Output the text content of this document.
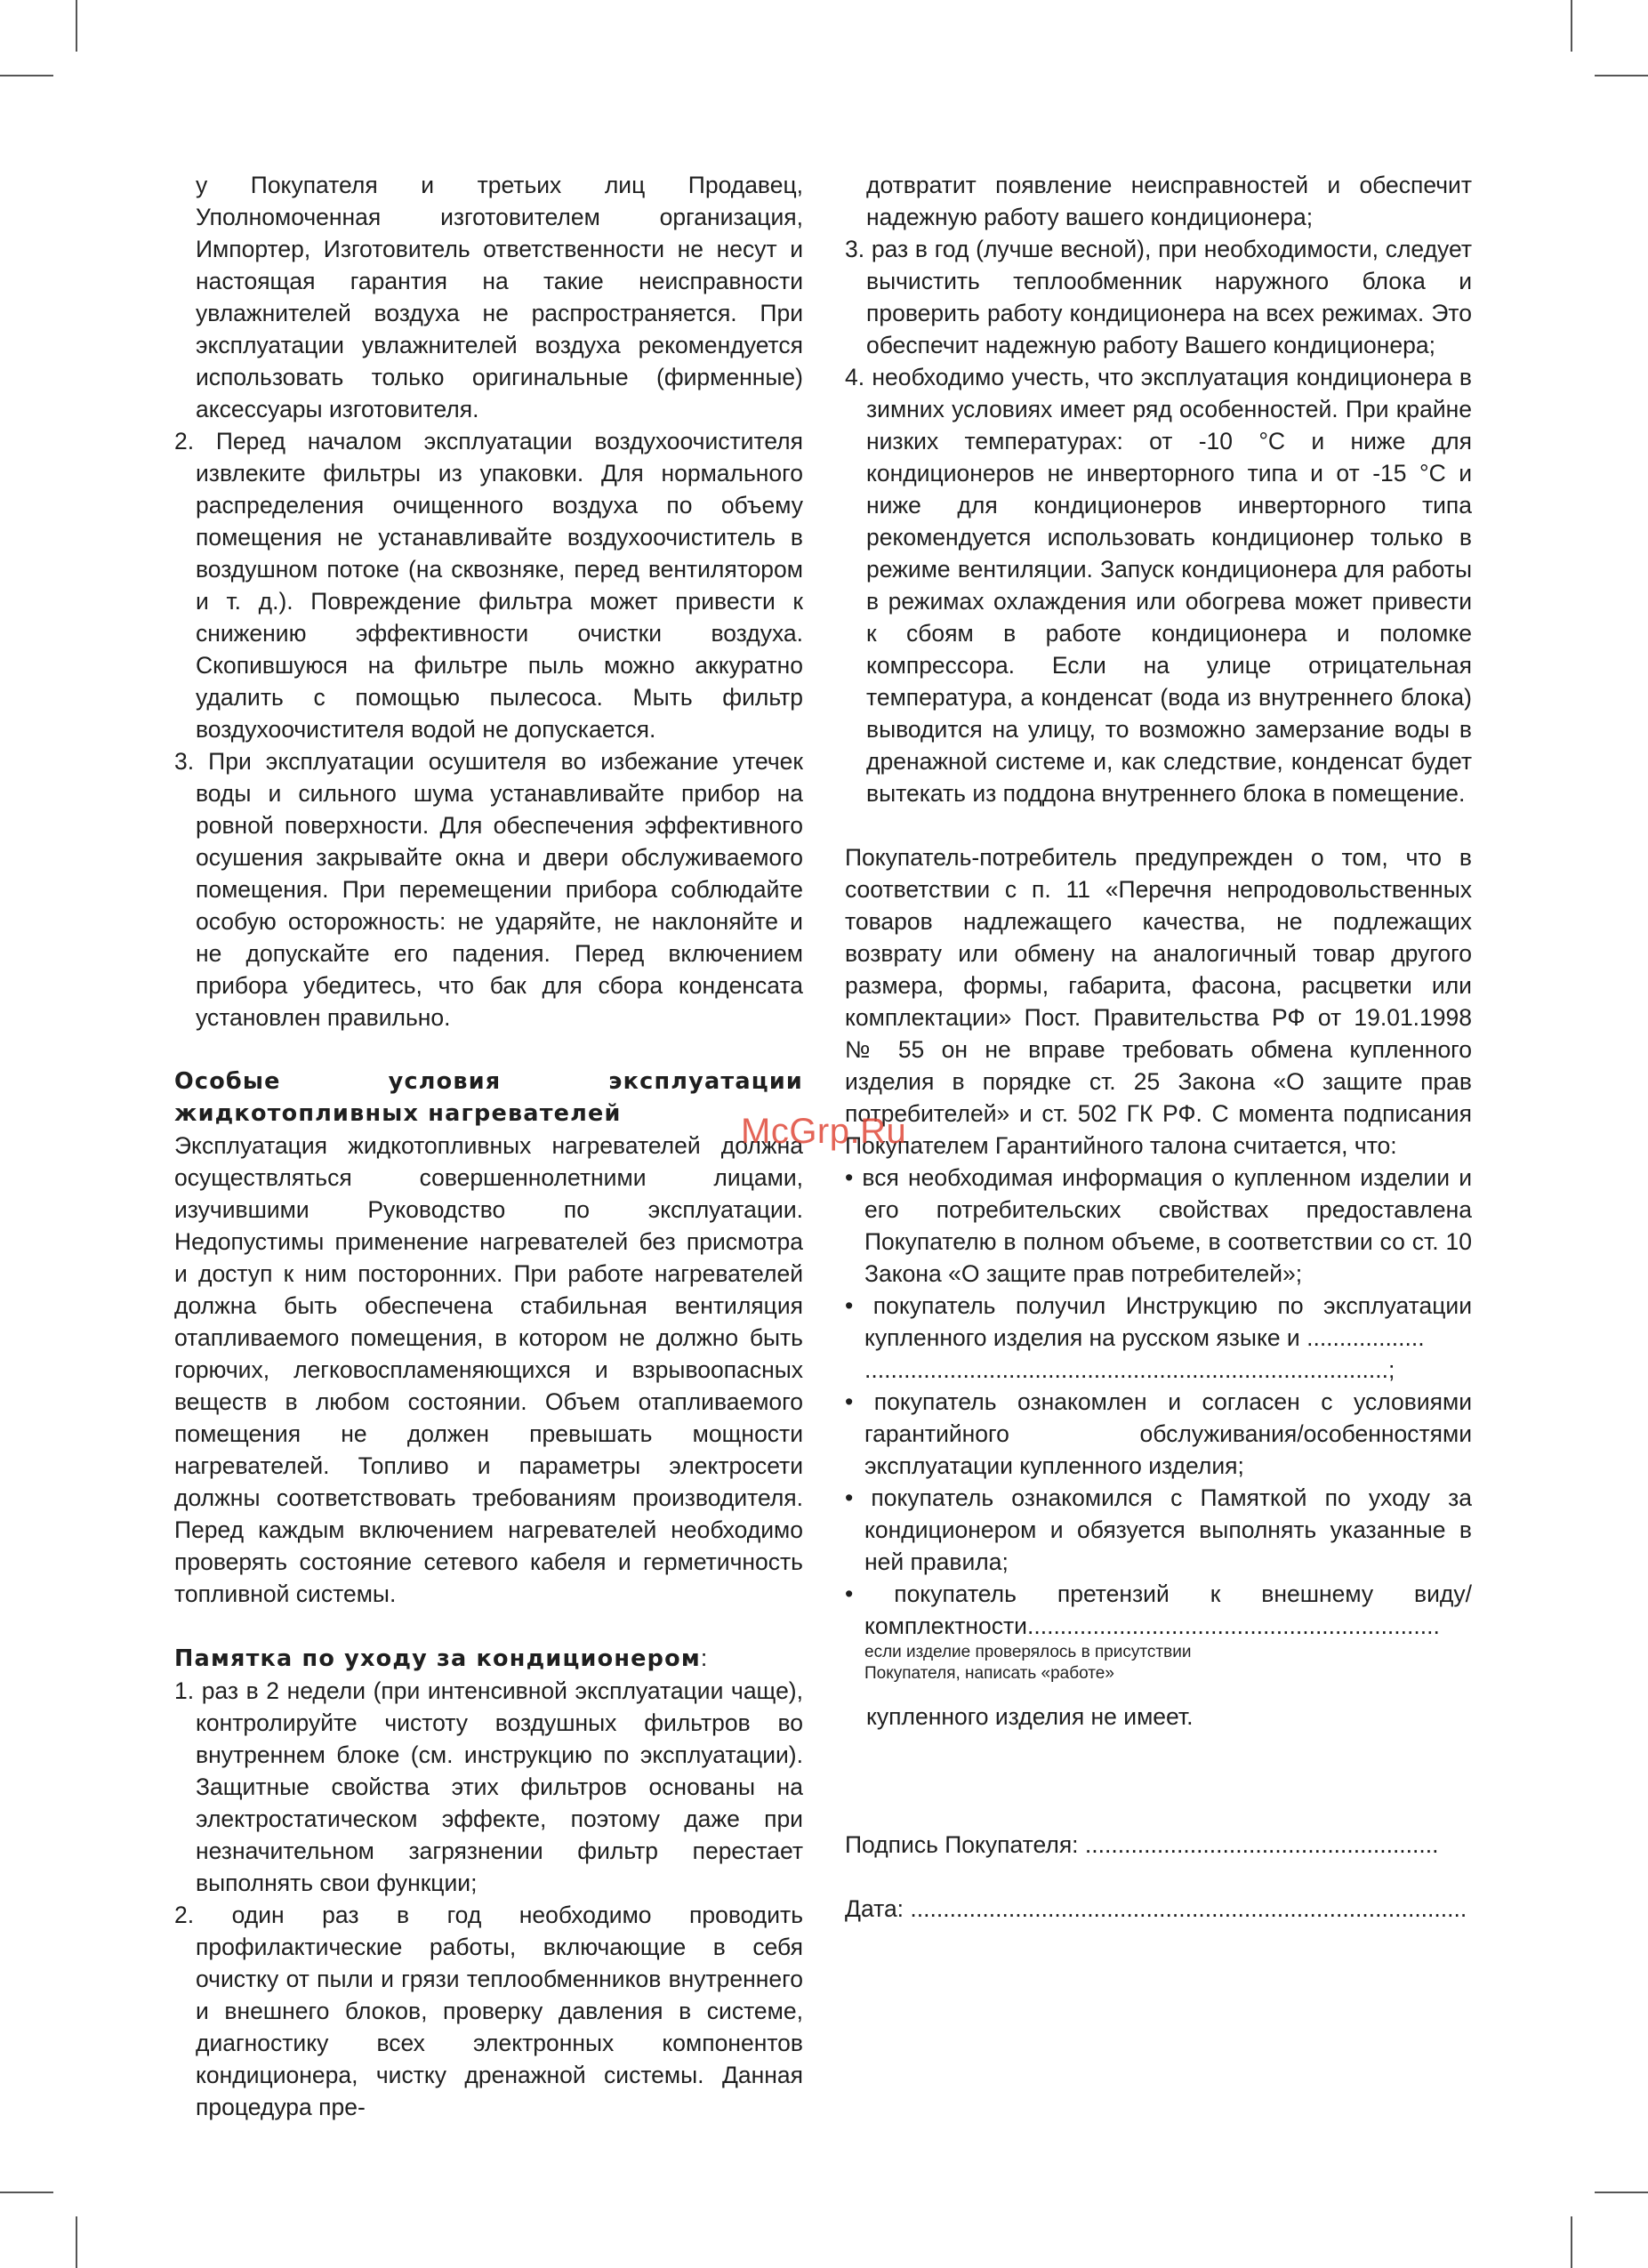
у Покупателя и третьих лиц Продавец, Уполномоченная изготовителем организация, Импортер, Изготовитель ответственности не несут и настоящая гарантия на такие неисправности увлажнителей воздуха не распространяется. При эксплуатации увлажнителей воздуха рекомендуется использовать только оригинальные (фирменные) аксессуары изготовителя.

2. Перед началом эксплуатации воздухоочистителя извлеките фильтры из упаковки. Для нормального распределения очищенного воздуха по объему помещения не устанавливайте воздухоочиститель в воздушном потоке (на сквозняке, перед вентилятором и т. д.). Повреждение фильтра может привести к снижению эффективности очистки воздуха. Скопившуюся на фильтре пыль можно аккуратно удалить с помощью пылесоса. Мыть фильтр воздухоочистителя водой не допускается.

3. При эксплуатации осушителя во избежание утечек воды и сильного шума устанавливайте прибор на ровной поверхности. Для обеспечения эффективного осушения закрывайте окна и двери обслуживаемого помещения. При перемещении прибора соблюдайте особую осторожность: не ударяйте, не наклоняйте и не допускайте его падения. Перед включением прибора убедитесь, что бак для сбора конденсата установлен правильно.

Особые условия эксплуатации жидкотопливных нагревателей

Эксплуатация жидкотопливных нагревателей должна осуществляться совершеннолетними лицами, изучившими Руководство по эксплуатации. Недопустимы применение нагревателей без присмотра и доступ к ним посторонних. При работе нагревателей должна быть обеспечена стабильная вентиляция отапливаемого помещения, в котором не должно быть горючих, легковоспламеняющихся и взрывоопасных веществ в любом состоянии. Объем отапливаемого помещения не должен превышать мощности нагревателей. Топливо и параметры электросети должны соответствовать требованиям производителя. Перед каждым включением нагревателей необходимо проверять состояние сетевого кабеля и герметичность топливной системы.

Памятка по уходу за кондиционером:

1. раз в 2 недели (при интенсивной эксплуатации чаще), контролируйте чистоту воздушных фильтров во внутреннем блоке (см. инструкцию по эксплуатации). Защитные свойства этих фильтров основаны на электростатическом эффекте, поэтому даже при незначительном загрязнении фильтр перестает выполнять свои функции;

2. один раз в год необходимо проводить профилактические работы, включающие в себя очистку от пыли и грязи теплообменников внутреннего и внешнего блоков, проверку давления в системе, диагностику всех электронных компонентов кондиционера, чистку дренажной системы. Данная процедура пре-

дотвратит появление неисправностей и обеспечит надежную работу вашего кондиционера;

3. раз в год (лучше весной), при необходимости, следует вычистить теплообменник наружного блока и проверить работу кондиционера на всех режимах. Это обеспечит надежную работу Вашего кондиционера;

4. необходимо учесть, что эксплуатация кондиционера в зимних условиях имеет ряд особенностей. При крайне низких температурах: от -10 °С и ниже для кондиционеров не инверторного типа и от -15 °С и ниже для кондиционеров инверторного типа рекомендуется использовать кондиционер только в режиме вентиляции. Запуск кондиционера для работы в режимах охлаждения или обогрева может привести к сбоям в работе кондиционера и поломке компрессора. Если на улице отрицательная температура, а конденсат (вода из внутреннего блока) выводится на улицу, то возможно замерзание воды в дренажной системе и, как следствие, конденсат будет вытекать из поддона внутреннего блока в помещение.

Покупатель-потребитель предупрежден о том, что в соответствии с п. 11 «Перечня непродовольственных товаров надлежащего качества, не подлежащих возврату или обмену на аналогичный товар другого размера, формы, габарита, фасона, расцветки или комплектации» Пост. Правительства РФ от 19.01.1998 № 55 он не вправе требовать обмена купленного изделия в порядке ст. 25 Закона «О защите прав потребителей» и ст. 502 ГК РФ. С момента подписания Покупателем Гарантийного талона считается, что:

• вся необходимая информация о купленном изделии и его потребительских свойствах предоставлена Покупателю в полном объеме, в соответствии со ст. 10 Закона «О защите прав потребителей»;

• покупатель получил Инструкцию по эксплуатации купленного изделия на русском языке и ..................
................................................................................;

• покупатель ознакомлен и согласен с условиями гарантийного обслуживания/особенностями эксплуатации купленного изделия;

• покупатель ознакомился с Памяткой по уходу за кондиционером и обязуется выполнять указанные в ней правила;

• покупатель претензий к внешнему виду/комплектности...............................................................

если изделие проверялось в присутствии

Покупателя, написать «работе»

купленного изделия не имеет.

Подпись Покупателя: ......................................................

Дата: .....................................................................................

McGrp.Ru
